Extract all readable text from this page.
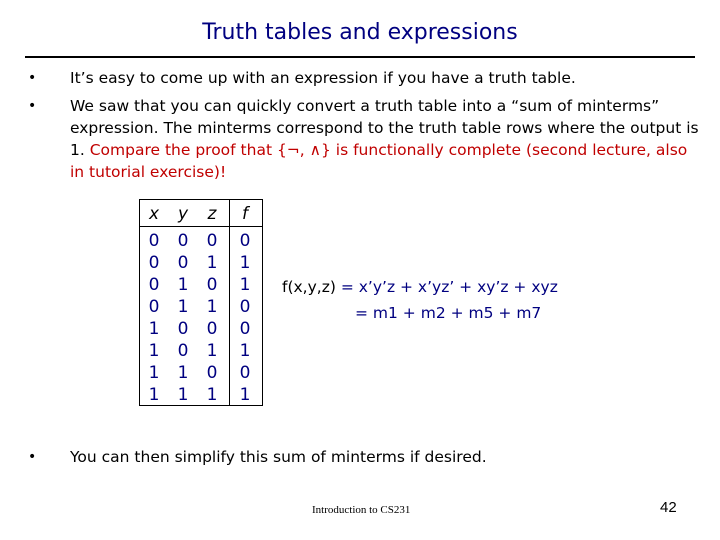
Truth tables and expressions
• It’s easy to come up with an expression if you have a truth table.
• We saw that you can quickly convert a truth table into a “sum of minterms” expression. The minterms correspond to the truth table rows where the output is 1. Compare the proof that {¬, ∧} is functionally complete (second lecture, also in tutorial exercise)!
x y	z	f
0 0 0 0
0 0 1 1
0 1 0 1
0 1 1 0
1 0 0 0
1 0 1 1
1 1 0 0
1 1 1 1
f(x,y,z) = x’y’z + x’yz’ + xy’z + xyz
= m1 + m2 + m5 + m7
• You can then simplify this sum of minterms if desired.
Introduction to CS231	42
